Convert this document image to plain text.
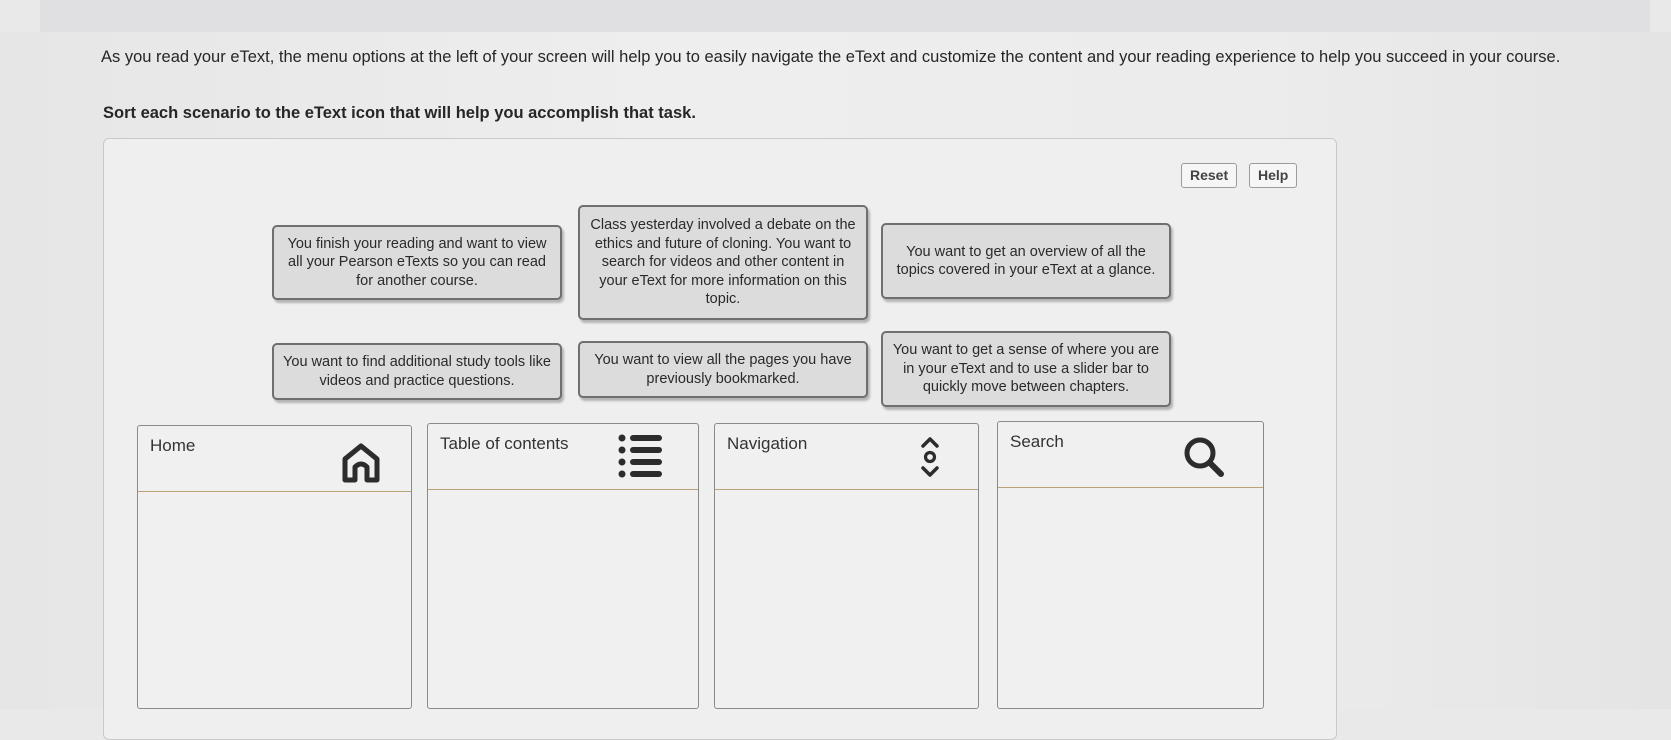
As you read your eText, the menu options at the left of your screen will help you to easily navigate the eText and customize the content and your reading experience to help you succeed in your course.
Sort each scenario to the eText icon that will help you accomplish that task.
Reset	Help
You finish your reading and want to view all your Pearson eTexts so you can read for another course.
Class yesterday involved a debate on the ethics and future of cloning. You want to search for videos and other content in your eText for more information on this topic.
You want to get an overview of all the topics covered in your eText at a glance.
You want to find additional study tools like videos and practice questions.
You want to view all the pages you have previously bookmarked.
You want to get a sense of where you are in your eText and to use a slider bar to quickly move between chapters.
Home	Table of contents	Navigation	Search
